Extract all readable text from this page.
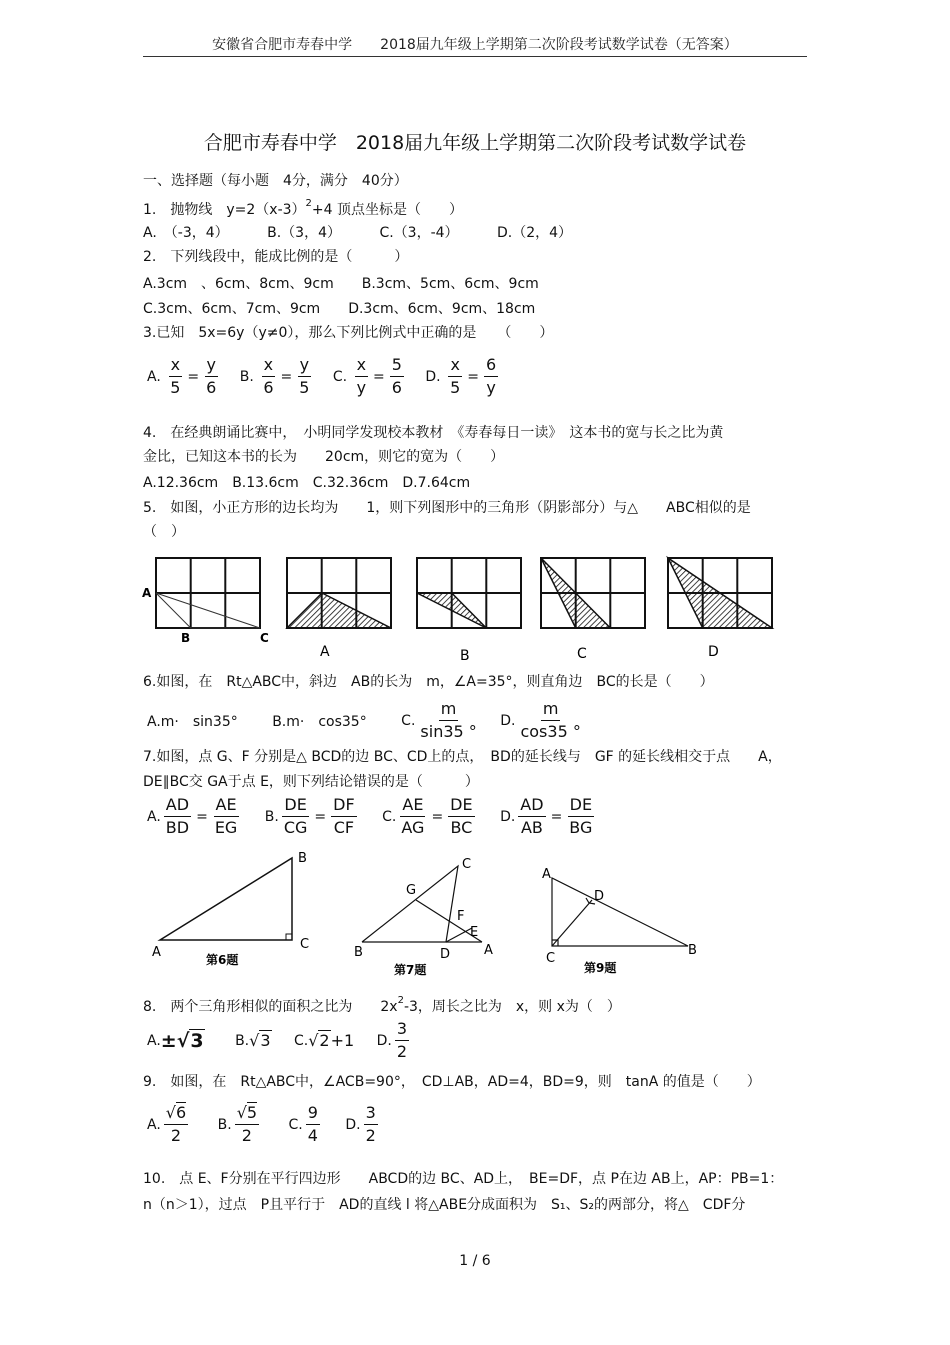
安徽省合肥市寿春中学　　2018届九年级上学期第二次阶段考试数学试卷（无答案）
合肥市寿春中学　2018届九年级上学期第二次阶段考试数学试卷
一、选择题（每小题　4分，满分　40分）
1.　抛物线　$y=2(x-3)^2+4$ 顶点坐标是（　　）
A.　（-3，4）	B.（3，4）	C.（3，-4）	D.（2，4）
2.　下列线段中，能成比例的是（　　　）
A.3cm　、6cm、8cm、9cm　　B.3cm、5cm、6cm、9cm
C.3cm、6cm、7cm、9cm　　D.3cm、6cm、9cm、18cm
3.已知　5x=6y（y≠0），那么下列比例式中正确的是　　（　　）
A. $\frac{x}{5} = \frac{y}{6} B$. $\frac{x}{6} = \frac{y}{5} C$. $\frac{x}{y} = \frac{5}{6} D$. $\frac{x}{5} = \frac{6}{y}$
4.　在经典朗诵比赛中，　小明同学发现校本教材　《寿春每日一读》　这本书的宽与长之比为黄
金比，已知这本书的长为　　20cm，则它的宽为（　　）
A.12.36cm　B.13.6cm　C.32.36cm　D.7.64cm
5.　如图，小正方形的边长均为　　1，则下列图形中的三角形（阴影部分）与△　　ABC相似的是
（　）
A
B	C
A	B	C	D
6.如图，在　Rt△ABC中，斜边　AB的长为　m，∠A=35°，则直角边　BC的长是（　　）
A.m·　sin35° B.m·　cos35° C. $\frac{m}{\sin 35 ^\circ} D$. $\frac{m}{\cos 35 ^\circ}$
7.如图，点 G、F 分别是△ BCD的边 BC、CD上的点，　BD的延长线与　GF 的延长线相交于点　　A，
DE∥BC交 GA于点 E，则下列结论错误的是（　　　）
A. $\frac{AD}{BD} = \frac{AE}{EG} B$. $\frac{DE}{CG} = \frac{DF}{CF} C$. $\frac{AE}{AG} = \frac{DE}{BC} D$. $\frac{AD}{AB} = \frac{DE}{BG}$
A
B
C
第6题	B
C
D	A
E
F
G
第7题
A
D
C
B
第9题
8.　两个三角形相似的面积之比为　　$2x^2-3$，周长之比为　x，则 x为（　）
A.±√3 B.√3 C.√2+1 D. $\frac{3}{2}$
9.　如图，在　Rt△ABC中，∠ACB=90°，　CD⊥AB，AD=4，BD=9，则　tanA 的值是（　　）
A. $\frac{√6}{2} B$. $\frac{√5}{2} C$. $\frac{9}{4} D$. $\frac{3}{2}$
10.　点 E、F分别在平行四边形　　ABCD的边 BC、AD上，　BE=DF，点 P在边 AB上，AP：PB=1：
n（n＞1），过点　P且平行于　AD的直线 l 将△ABE分成面积为　S₁、S₂的两部分，将△　CDF分
1 / 6
